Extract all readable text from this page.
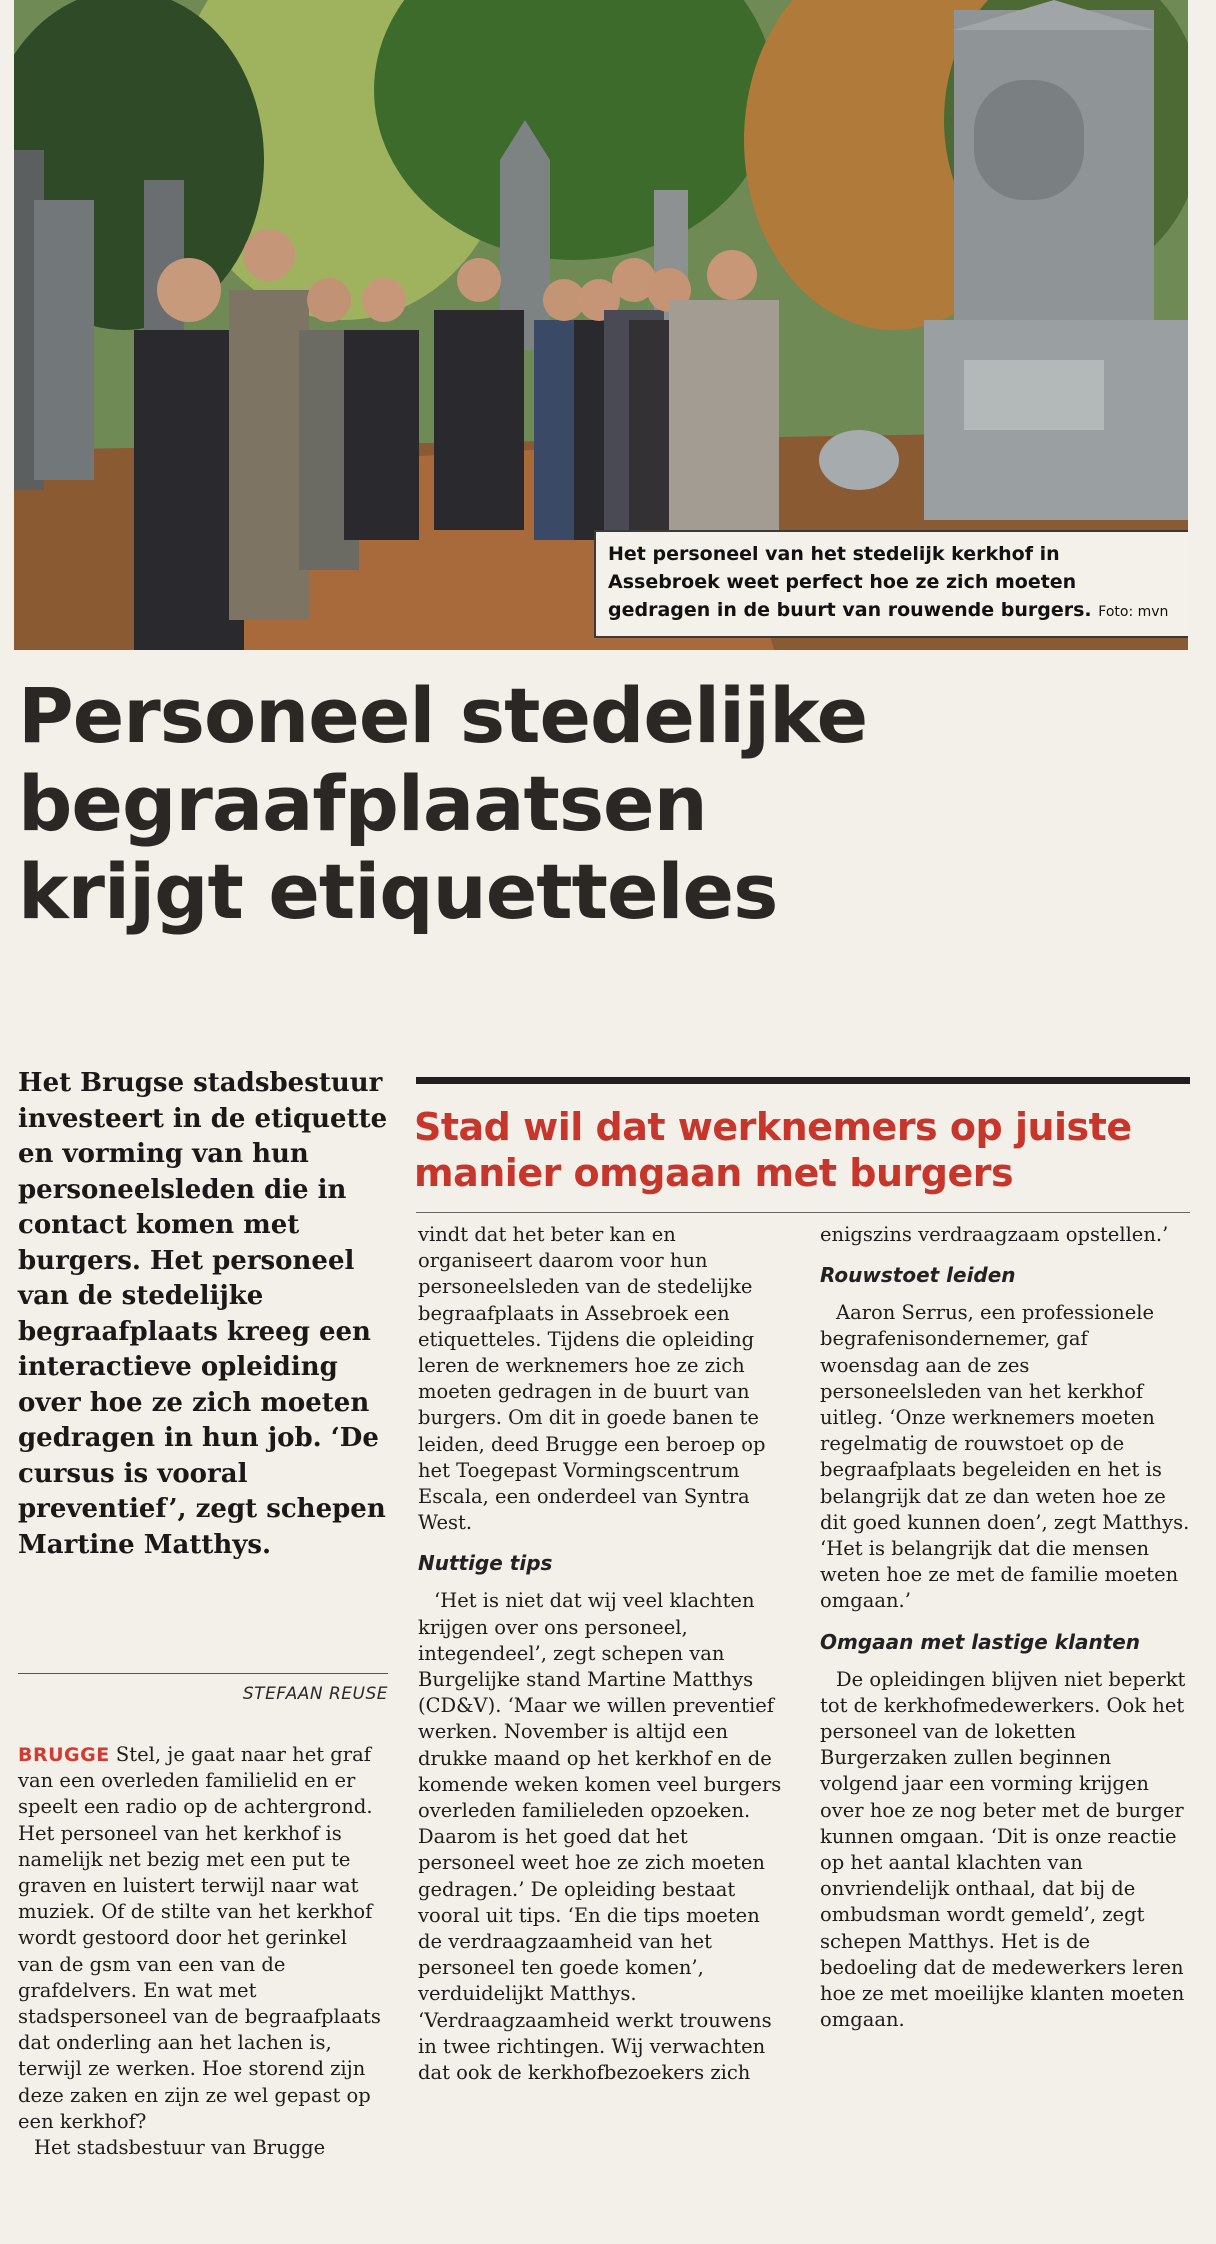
Het personeel van het stedelijk kerkhof in Assebroek weet perfect hoe ze zich moeten gedragen in de buurt van rouwende burgers. Foto: mvn
Personeel stedelijke
begraafplaatsen
krijgt etiquetteles
Het Brugse stadsbestuur investeert in de etiquette en vorming van hun personeelsleden die in contact komen met burgers. Het personeel van de stedelijke begraafplaats kreeg een interactieve opleiding over hoe ze zich moeten gedragen in hun job. ‘De cursus is vooral preventief’, zegt schepen Martine Matthys.
STEFAAN REUSE

BRUGGE Stel, je gaat naar het graf van een overleden familielid en er speelt een radio op de achtergrond. Het personeel van het kerkhof is namelijk net bezig met een put te graven en luistert terwijl naar wat muziek. Of de stilte van het kerkhof wordt gestoord door het gerinkel van de gsm van een van de grafdelvers. En wat met stadspersoneel van de begraafplaats dat onderling aan het lachen is, terwijl ze werken. Hoe storend zijn deze zaken en zijn ze wel gepast op een kerkhof?

Het stadsbestuur van Brugge

Stad wil dat werknemers op juiste
manier omgaan met burgers

vindt dat het beter kan en organiseert daarom voor hun personeelsleden van de stedelijke begraafplaats in Assebroek een etiquetteles. Tijdens die opleiding leren de werknemers hoe ze zich moeten gedragen in de buurt van burgers. Om dit in goede banen te leiden, deed Brugge een beroep op het Toegepast Vormingscentrum Escala, een onderdeel van Syntra West.

Nuttige tips

‘Het is niet dat wij veel klachten krijgen over ons personeel, integendeel’, zegt schepen van Burgelijke stand Martine Matthys (CD&V). ‘Maar we willen preventief werken. November is altijd een drukke maand op het kerkhof en de komende weken komen veel burgers overleden familieleden opzoeken. Daarom is het goed dat het personeel weet hoe ze zich moeten gedragen.’ De opleiding bestaat vooral uit tips. ‘En die tips moeten de verdraagzaamheid van het personeel ten goede komen’, verduidelijkt Matthys. ‘Verdraagzaamheid werkt trouwens in twee richtingen. Wij verwachten dat ook de kerkhofbezoekers zich

enigszins verdraagzaam opstellen.’

Rouwstoet leiden

Aaron Serrus, een professionele begrafenisondernemer, gaf woensdag aan de zes personeelsleden van het kerkhof uitleg. ‘Onze werknemers moeten regelmatig de rouwstoet op de begraafplaats begeleiden en het is belangrijk dat ze dan weten hoe ze dit goed kunnen doen’, zegt Matthys. ‘Het is belangrijk dat die mensen weten hoe ze met de familie moeten omgaan.’

Omgaan met lastige klanten

De opleidingen blijven niet beperkt tot de kerkhofmedewerkers. Ook het personeel van de loketten Burgerzaken zullen beginnen volgend jaar een vorming krijgen over hoe ze nog beter met de burger kunnen omgaan. ‘Dit is onze reactie op het aantal klachten van onvriendelijk onthaal, dat bij de ombudsman wordt gemeld’, zegt schepen Matthys. Het is de bedoeling dat de medewerkers leren hoe ze met moeilijke klanten moeten omgaan.
